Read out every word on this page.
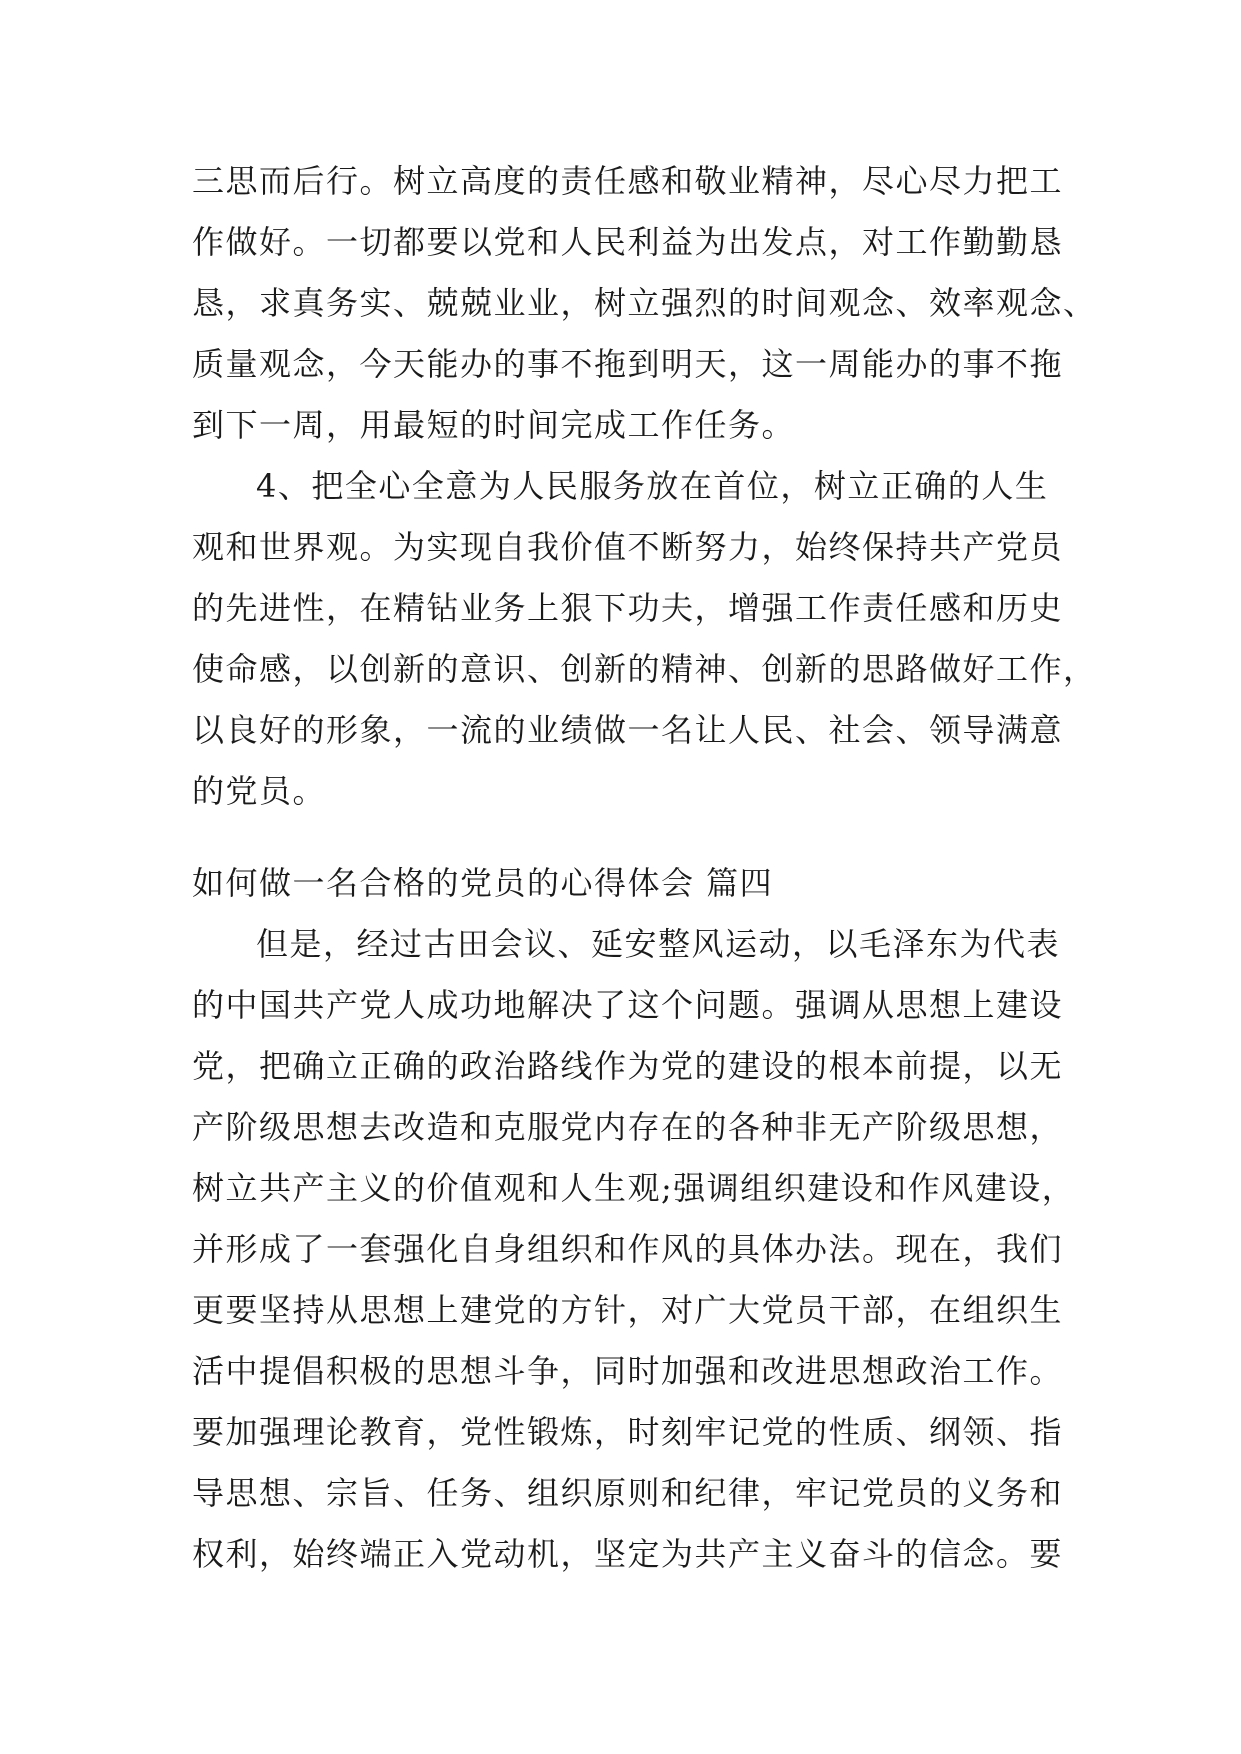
三思而后行。树立高度的责任感和敬业精神，尽心尽力把工
作做好。一切都要以党和人民利益为出发点，对工作勤勤恳
恳，求真务实、兢兢业业，树立强烈的时间观念、效率观念、
质量观念，今天能办的事不拖到明天，这一周能办的事不拖
到下一周，用最短的时间完成工作任务。
4、把全心全意为人民服务放在首位，树立正确的人生
观和世界观。为实现自我价值不断努力，始终保持共产党员
的先进性，在精钻业务上狠下功夫，增强工作责任感和历史
使命感，以创新的意识、创新的精神、创新的思路做好工作，
以良好的形象，一流的业绩做一名让人民、社会、领导满意
的党员。
如何做一名合格的党员的心得体会 篇四
但是，经过古田会议、延安整风运动，以毛泽东为代表
的中国共产党人成功地解决了这个问题。强调从思想上建设
党，把确立正确的政治路线作为党的建设的根本前提，以无
产阶级思想去改造和克服党内存在的各种非无产阶级思想，
树立共产主义的价值观和人生观;强调组织建设和作风建设，
并形成了一套强化自身组织和作风的具体办法。现在，我们
更要坚持从思想上建党的方针，对广大党员干部，在组织生
活中提倡积极的思想斗争，同时加强和改进思想政治工作。
要加强理论教育，党性锻炼，时刻牢记党的性质、纲领、指
导思想、宗旨、任务、组织原则和纪律，牢记党员的义务和
权利，始终端正入党动机，坚定为共产主义奋斗的信念。要
